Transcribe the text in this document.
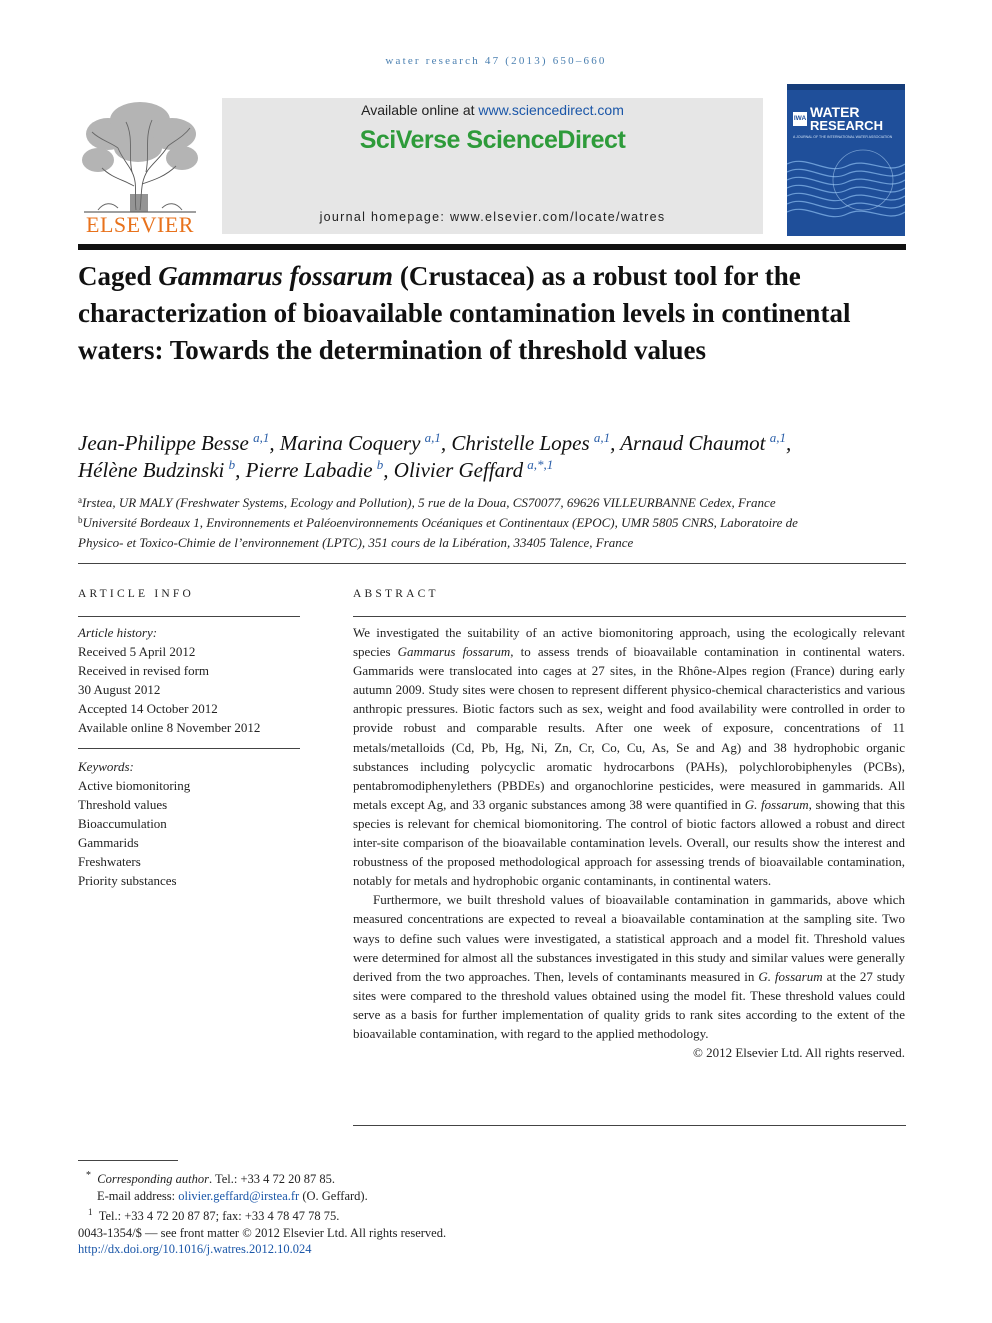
water research 47 (2013) 650–660
ELSEVIER
Available online at www.sciencedirect.com
SciVerse ScienceDirect
journal homepage: www.elsevier.com/locate/watres
IWA WATER
RESEARCH
A JOURNAL OF THE INTERNATIONAL WATER ASSOCIATION
Caged Gammarus fossarum (Crustacea) as a robust tool for the characterization of bioavailable contamination levels in continental waters: Towards the determination of threshold values
Jean-Philippe Besse  $^{a,1}$, Marina Coquery  $^{a,1}$, Christelle Lopes  $^{a,1}$, Arnaud Chaumot  $^{a,1}$,
Hélène Budzinski  $^b$, Pierre Labadie  $^b$, Olivier Geffard  $^{a,*,1}$
$^a$Irstea, UR MALY (Freshwater Systems, Ecology and Pollution), 5 rue de la Doua, CS70077, 69626 VILLEURBANNE Cedex, France
$^b$Université Bordeaux 1, Environnements et Paléoenvironnements Océaniques et Continentaux (EPOC), UMR 5805 CNRS, Laboratoire de
Physico- et Toxico-Chimie de l’environnement (LPTC), 351 cours de la Libération, 33405 Talence, France
ARTICLE INFO
Article history:
Received 5 April 2012
Received in revised form
30 August 2012
Accepted 14 October 2012
Available online 8 November 2012
Keywords:
Active biomonitoring
Threshold values
Bioaccumulation
Gammarids
Freshwaters
Priority substances
ABSTRACT

We investigated the suitability of an active biomonitoring approach, using the ecologically relevant species Gammarus fossarum, to assess trends of bioavailable contamination in continental waters. Gammarids were translocated into cages at 27 sites, in the Rhône-Alpes region (France) during early autumn 2009. Study sites were chosen to represent different physico-chemical characteristics and various anthropic pressures. Biotic factors such as sex, weight and food availability were controlled in order to provide robust and comparable results. After one week of exposure, concentrations of 11 metals/metalloids (Cd, Pb, Hg, Ni, Zn, Cr, Co, Cu, As, Se and Ag) and 38 hydrophobic organic substances including polycyclic aromatic hydrocarbons (PAHs), polychlorobiphenyles (PCBs), pentabromodiphenylethers (PBDEs) and organochlorine pesticides, were measured in gammarids. All metals except Ag, and 33 organic substances among 38 were quantified in G. fossarum, showing that this species is relevant for chemical biomonitoring. The control of biotic factors allowed a robust and direct inter-site comparison of the bioavailable contamination levels. Overall, our results show the interest and robustness of the proposed methodological approach for assessing trends of bioavailable contamination, notably for metals and hydrophobic organic contaminants, in continental waters.

Furthermore, we built threshold values of bioavailable contamination in gammarids, above which measured concentrations are expected to reveal a bioavailable contamination at the sampling site. Two ways to define such values were investigated, a statistical approach and a model fit. Threshold values were determined for almost all the substances investigated in this study and similar values were generally derived from the two approaches. Then, levels of contaminants measured in G. fossarum at the 27 study sites were compared to the threshold values obtained using the model fit. These threshold values could serve as a basis for further implementation of quality grids to rank sites according to the extent of the bioavailable contamination, with regard to the applied methodology.

© 2012 Elsevier Ltd. All rights reserved.

*  Corresponding author. Tel.: +33 4 72 20 87 85.
E-mail address: olivier.geffard@irstea.fr (O. Geffard).
$^1$  Tel.: +33 4 72 20 87 87; fax: +33 4 78 47 78 75.
0043-1354/$ — see front matter © 2012 Elsevier Ltd. All rights reserved.
http://dx.doi.org/10.1016/j.watres.2012.10.024
